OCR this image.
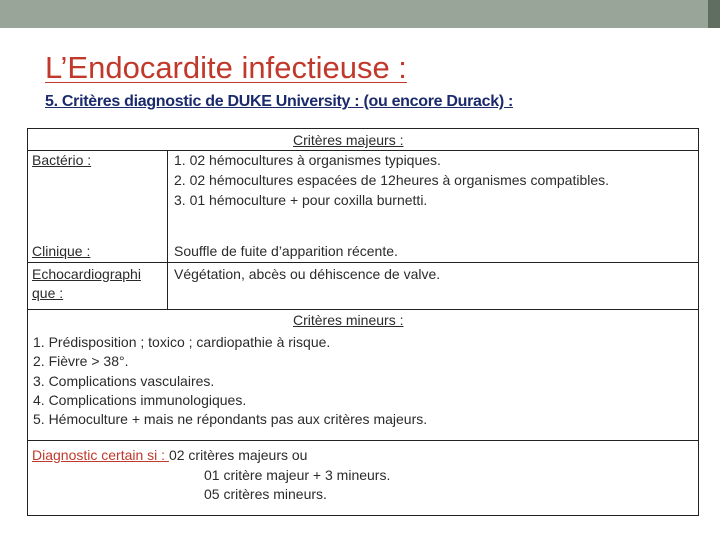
L’Endocardite infectieuse :
5. Critères diagnostic de DUKE University : (ou encore Durack) :
Critères majeurs :
Bactério :	1. 02 hémocultures à organismes typiques.
2. 02 hémocultures espacées de 12heures à organismes compatibles.
3. 01 hémoculture + pour coxilla burnetti.
Clinique :	Souffle de fuite d’apparition récente.
Echocardiographi
que :
Végétation, abcès ou déhiscence de valve.
Critères mineurs :
1. Prédisposition ; toxico ; cardiopathie à risque.
2. Fièvre > 38°.
3. Complications vasculaires.
4. Complications immunologiques.
5. Hémoculture + mais ne répondants pas aux critères majeurs.
Diagnostic certain si : 02 critères majeurs ou
01 critère majeur + 3 mineurs.
05 critères mineurs.
